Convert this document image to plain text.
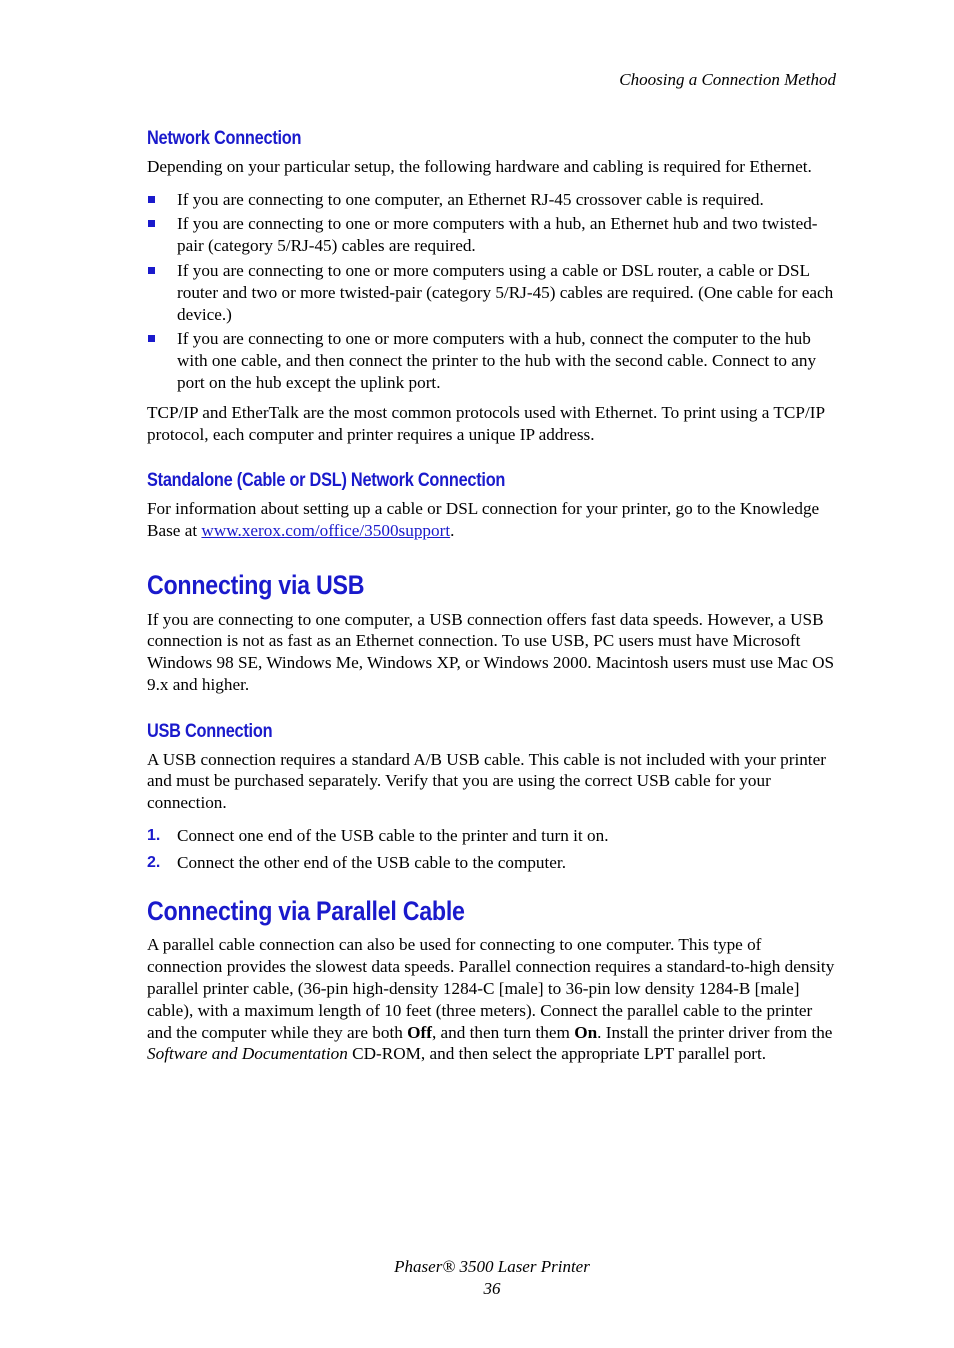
Choosing a Connection Method
Network Connection

Depending on your particular setup, the following hardware and cabling is required for Ethernet.

If you are connecting to one computer, an Ethernet RJ-45 crossover cable is required.
If you are connecting to one or more computers with a hub, an Ethernet hub and two twisted-pair (category 5/RJ-45) cables are required.
If you are connecting to one or more computers using a cable or DSL router, a cable or DSL router and two or more twisted-pair (category 5/RJ-45) cables are required. (One cable for each device.)
If you are connecting to one or more computers with a hub, connect the computer to the hub with one cable, and then connect the printer to the hub with the second cable. Connect to any port on the hub except the uplink port.

TCP/IP and EtherTalk are the most common protocols used with Ethernet. To print using a TCP/IP protocol, each computer and printer requires a unique IP address.

Standalone (Cable or DSL) Network Connection

For information about setting up a cable or DSL connection for your printer, go to the Knowledge Base at www.xerox.com/office/3500support.

Connecting via USB

If you are connecting to one computer, a USB connection offers fast data speeds. However, a USB connection is not as fast as an Ethernet connection. To use USB, PC users must have Microsoft Windows 98 SE, Windows Me, Windows XP, or Windows 2000. Macintosh users must use Mac OS 9.x and higher.

USB Connection

A USB connection requires a standard A/B USB cable. This cable is not included with your printer and must be purchased separately. Verify that you are using the correct USB cable for your connection.

1. Connect one end of the USB cable to the printer and turn it on.
2. Connect the other end of the USB cable to the computer.
Connecting via Parallel Cable

A parallel cable connection can also be used for connecting to one computer. This type of connection provides the slowest data speeds. Parallel connection requires a standard-to-high density parallel printer cable, (36-pin high-density 1284-C [male] to 36-pin low density 1284-B [male] cable), with a maximum length of 10 feet (three meters). Connect the parallel cable to the printer and the computer while they are both Off, and then turn them On. Install the printer driver from the Software and Documentation CD-ROM, and then select the appropriate LPT parallel port.

Phaser® 3500 Laser Printer
36
